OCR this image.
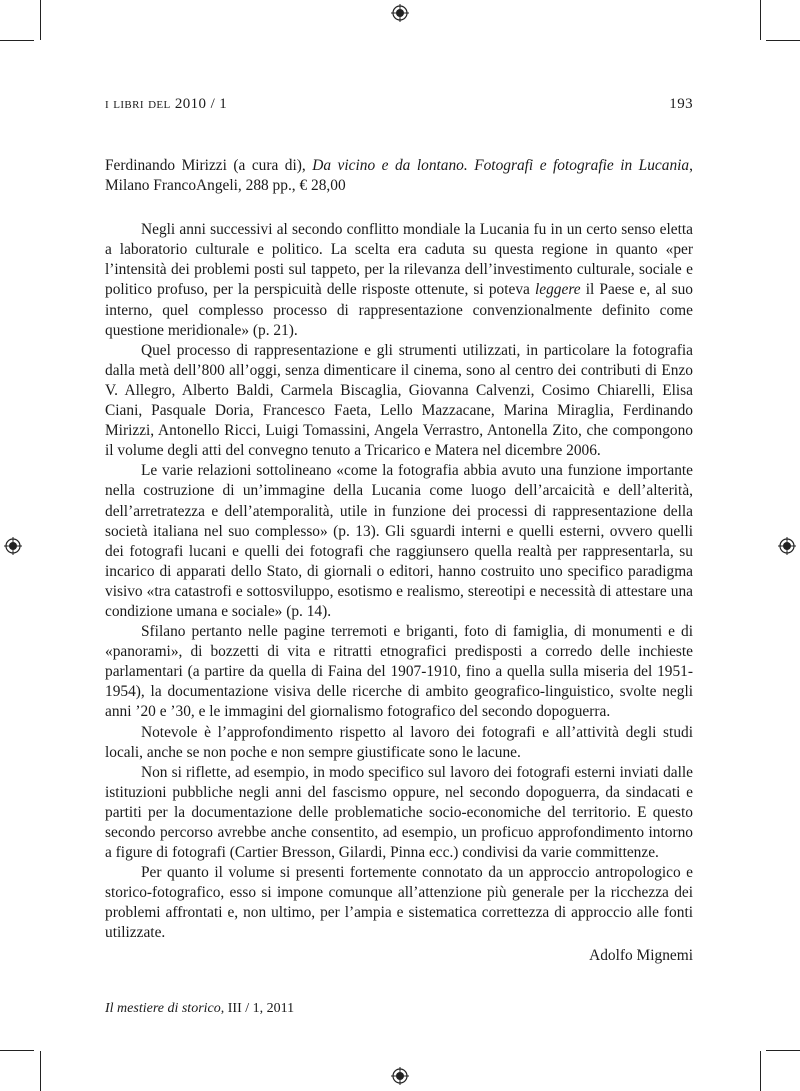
i libri del 2010 / 1	193

Ferdinando Mirizzi (a cura di), Da vicino e da lontano. Fotografi e fotografie in Lucania, Milano FrancoAngeli, 288 pp., € 28,00

Negli anni successivi al secondo conflitto mondiale la Lucania fu in un certo senso eletta a laboratorio culturale e politico. La scelta era caduta su questa regione in quanto «per l’intensità dei problemi posti sul tappeto, per la rilevanza dell’investimento culturale, sociale e politico profuso, per la perspicuità delle risposte ottenute, si poteva leggere il Paese e, al suo interno, quel complesso processo di rappresentazione convenzionalmente definito come questione meridionale» (p. 21).

Quel processo di rappresentazione e gli strumenti utilizzati, in particolare la fotografia dalla metà dell’800 all’oggi, senza dimenticare il cinema, sono al centro dei contributi di Enzo V. Allegro, Alberto Baldi, Carmela Biscaglia, Giovanna Calvenzi, Cosimo Chiarelli, Elisa Ciani, Pasquale Doria, Francesco Faeta, Lello Mazzacane, Marina Miraglia, Ferdinando Mirizzi, Antonello Ricci, Luigi Tomassini, Angela Verrastro, Antonella Zito, che compongono il volume degli atti del convegno tenuto a Tricarico e Matera nel dicembre 2006.

Le varie relazioni sottolineano «come la fotografia abbia avuto una funzione importante nella costruzione di un’immagine della Lucania come luogo dell’arcaicità e dell’alterità, dell’arretratezza e dell’atemporalità, utile in funzione dei processi di rappresentazione della società italiana nel suo complesso» (p. 13). Gli sguardi interni e quelli esterni, ovvero quelli dei fotografi lucani e quelli dei fotografi che raggiunsero quella realtà per rappresentarla, su incarico di apparati dello Stato, di giornali o editori, hanno costruito uno specifico paradigma visivo «tra catastrofi e sottosviluppo, esotismo e realismo, stereotipi e necessità di attestare una condizione umana e sociale» (p. 14).

Sfilano pertanto nelle pagine terremoti e briganti, foto di famiglia, di monumenti e di «panorami», di bozzetti di vita e ritratti etnografici predisposti a corredo delle inchieste parlamentari (a partire da quella di Faina del 1907-1910, fino a quella sulla miseria del 1951-1954), la documentazione visiva delle ricerche di ambito geografico-linguistico, svolte negli anni ’20 e ’30, e le immagini del giornalismo fotografico del secondo dopoguerra.

Notevole è l’approfondimento rispetto al lavoro dei fotografi e all’attività degli studi locali, anche se non poche e non sempre giustificate sono le lacune.

Non si riflette, ad esempio, in modo specifico sul lavoro dei fotografi esterni inviati dalle istituzioni pubbliche negli anni del fascismo oppure, nel secondo dopoguerra, da sindacati e partiti per la documentazione delle problematiche socio-economiche del territorio. E questo secondo percorso avrebbe anche consentito, ad esempio, un proficuo approfondimento intorno a figure di fotografi (Cartier Bresson, Gilardi, Pinna ecc.) condivisi da varie committenze.

Per quanto il volume si presenti fortemente connotato da un approccio antropologico e storico-fotografico, esso si impone comunque all’attenzione più generale per la ricchezza dei problemi affrontati e, non ultimo, per l’ampia e sistematica correttezza di approccio alle fonti utilizzate.

Adolfo Mignemi

Il mestiere di storico, III / 1, 2011
